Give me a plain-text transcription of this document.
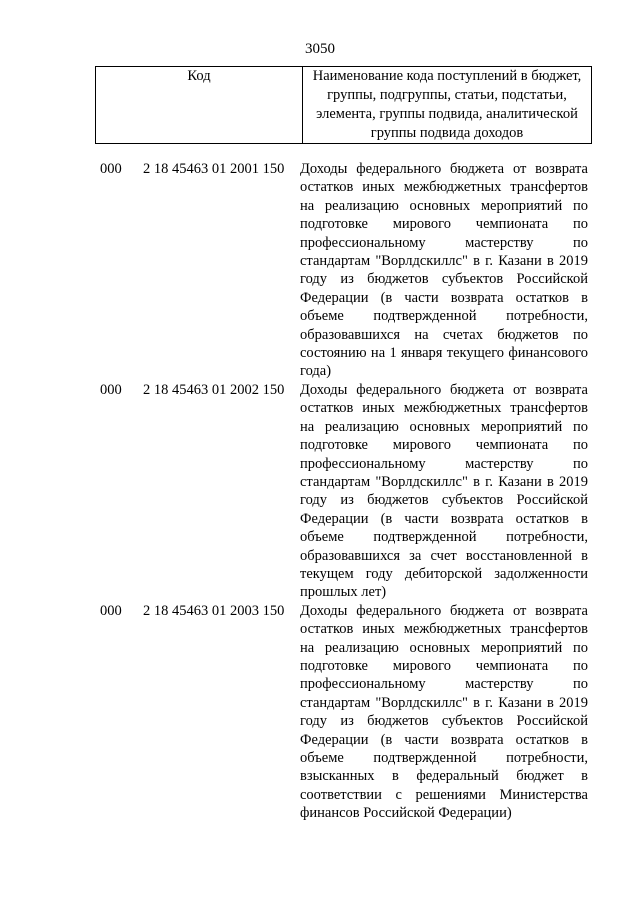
3050
Код	Наименование кода поступлений в бюджет, группы, подгруппы, статьи, подстатьи, элемента, группы подвида, аналитической группы подвида доходов
000 2 18 45463 01 2001 150 Доходы федерального бюджета от возврата остатков иных межбюджетных трансфертов на реализацию основных мероприятий по подготовке мирового чемпионата по профессиональному мастерству по стандартам "Ворлдскиллс" в г. Казани в 2019 году из бюджетов субъектов Российской Федерации (в части возврата остатков в объеме подтвержденной потребности, образовавшихся на счетах бюджетов по состоянию на 1 января текущего финансового года)
000 2 18 45463 01 2002 150 Доходы федерального бюджета от возврата остатков иных межбюджетных трансфертов на реализацию основных мероприятий по подготовке мирового чемпионата по профессиональному мастерству по стандартам "Ворлдскиллс" в г. Казани в 2019 году из бюджетов субъектов Российской Федерации (в части возврата остатков в объеме подтвержденной потребности, образовавшихся за счет восстановленной в текущем году дебиторской задолженности прошлых лет)
000 2 18 45463 01 2003 150 Доходы федерального бюджета от возврата остатков иных межбюджетных трансфертов на реализацию основных мероприятий по подготовке мирового чемпионата по профессиональному мастерству по стандартам "Ворлдскиллс" в г. Казани в 2019 году из бюджетов субъектов Российской Федерации (в части возврата остатков в объеме подтвержденной потребности, взысканных в федеральный бюджет в соответствии с решениями Министерства финансов Российской Федерации)
